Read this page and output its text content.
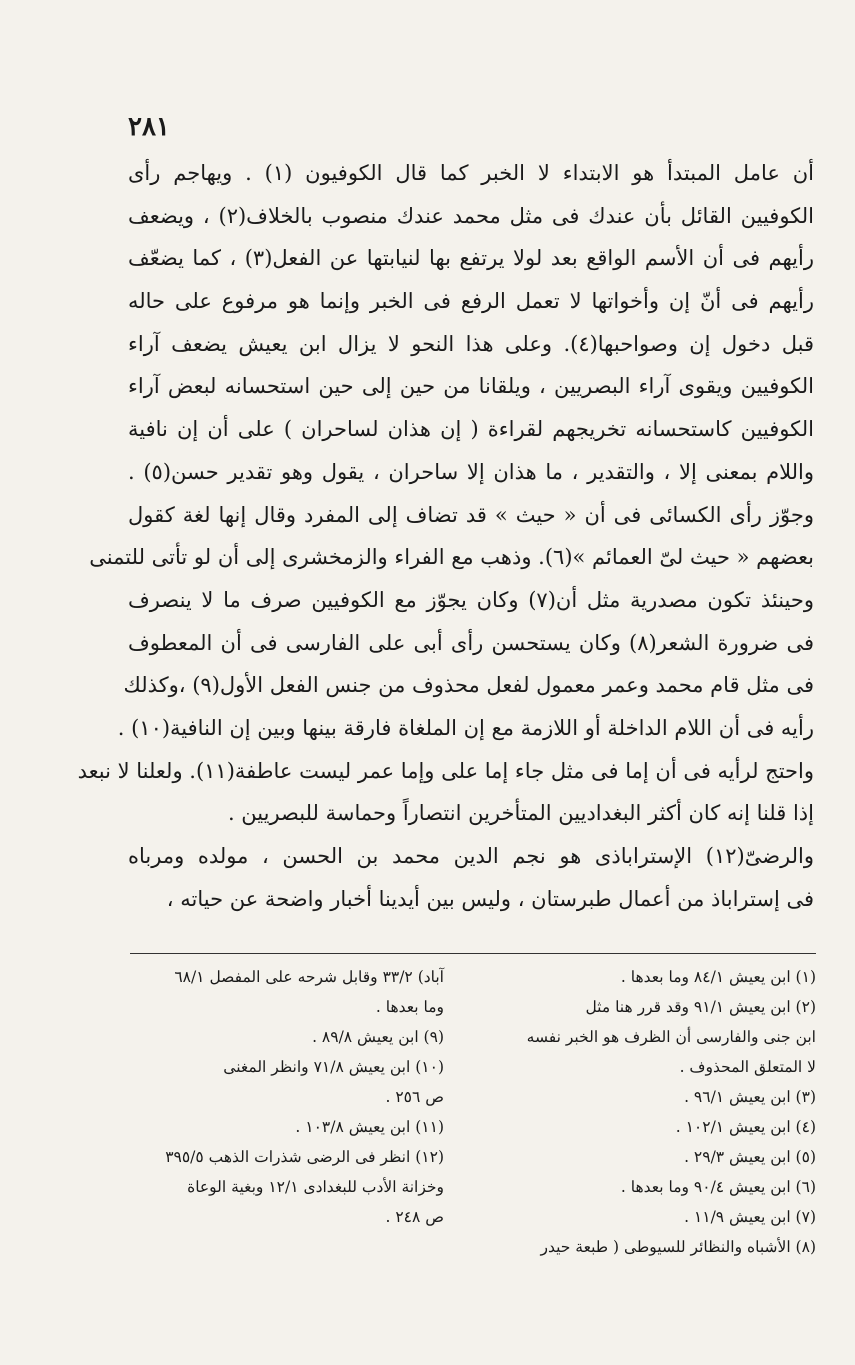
٢٨١
أن عامل المبتدأ هو الابتداء لا الخبر كما قال الكوفيون (١) . ويهاجم رأى
الكوفيين القائل بأن عندك فى مثل محمد عندك منصوب بالخلاف(٢) ، ويضعف
رأيهم فى أن الأسم الواقع بعد لولا يرتفع بها لنيابتها عن الفعل(٣) ، كما يضعّف
رأيهم فى أنّ إن وأخواتها لا تعمل الرفع فى الخبر وإنما هو مرفوع على حاله
قبل دخول إن وصواحبها(٤). وعلى هذا النحو لا يزال ابن يعيش يضعف آراء
الكوفيين ويقوى آراء البصريين ، ويلقانا من حين إلى حين استحسانه لبعض آراء
الكوفيين كاستحسانه تخريجهم لقراءة ( إن هذان لساحران ) على أن إن نافية
واللام بمعنى إلا ، والتقدير ، ما هذان إلا ساحران ، يقول وهو تقدير حسن(٥) .
وجوّز رأى الكسائى فى أن « حيث » قد تضاف إلى المفرد وقال إنها لغة كقول
بعضهم « حيث لىّ العمائم »(٦). وذهب مع الفراء والزمخشرى إلى أن لو تأتى للتمنى
وحينئذ تكون مصدرية مثل أن(٧) وكان يجوّز مع الكوفيين صرف ما لا ينصرف
فى ضرورة الشعر(٨) وكان يستحسن رأى أبى على الفارسى فى أن المعطوف
فى مثل قام محمد وعمر معمول لفعل محذوف من جنس الفعل الأول(٩) ،وكذلك
رأيه فى أن اللام الداخلة أو اللازمة مع إن الملغاة فارقة بينها وبين إن النافية(١٠) .
واحتج لرأيه فى أن إما فى مثل جاء إما على وإما عمر ليست عاطفة(١١). ولعلنا لا نبعد
إذا قلنا إنه كان أكثر البغداديين المتأخرين انتصاراً وحماسة للبصريين .
والرضىّ(١٢) الإستراباذى هو نجم الدين محمد بن الحسن ، مولده ومرباه
فى إستراباذ من أعمال طبرستان ، وليس بين أيدينا أخبار واضحة عن حياته ،
(١) ابن يعيش ٨٤/١ وما بعدها .
(٢) ابن يعيش ٩١/١ وقد قرر هنا مثل
ابن جنى والفارسى أن الظرف هو الخبر نفسه
لا المتعلق المحذوف .
(٣) ابن يعيش ٩٦/١ .
(٤) ابن يعيش ١٠٢/١ .
(٥) ابن يعيش ٢٩/٣ .
(٦) ابن يعيش ٩٠/٤ وما بعدها .
(٧) ابن يعيش ١١/٩ .
(٨) الأشباه والنظائر للسيوطى ( طبعة حيدر
آباد) ٣٣/٢ وقابل شرحه على المفصل ٦٨/١
وما بعدها .
(٩) ابن يعيش ٨٩/٨ .
(١٠) ابن يعيش ٧١/٨ وانظر المغنى
ص ٢٥٦ .
(١١) ابن يعيش ١٠٣/٨ .
(١٢) انظر فى الرضى شذرات الذهب ٣٩٥/٥
وخزانة الأدب للبغدادى ١٢/١ وبغية الوعاة
ص ٢٤٨ .
